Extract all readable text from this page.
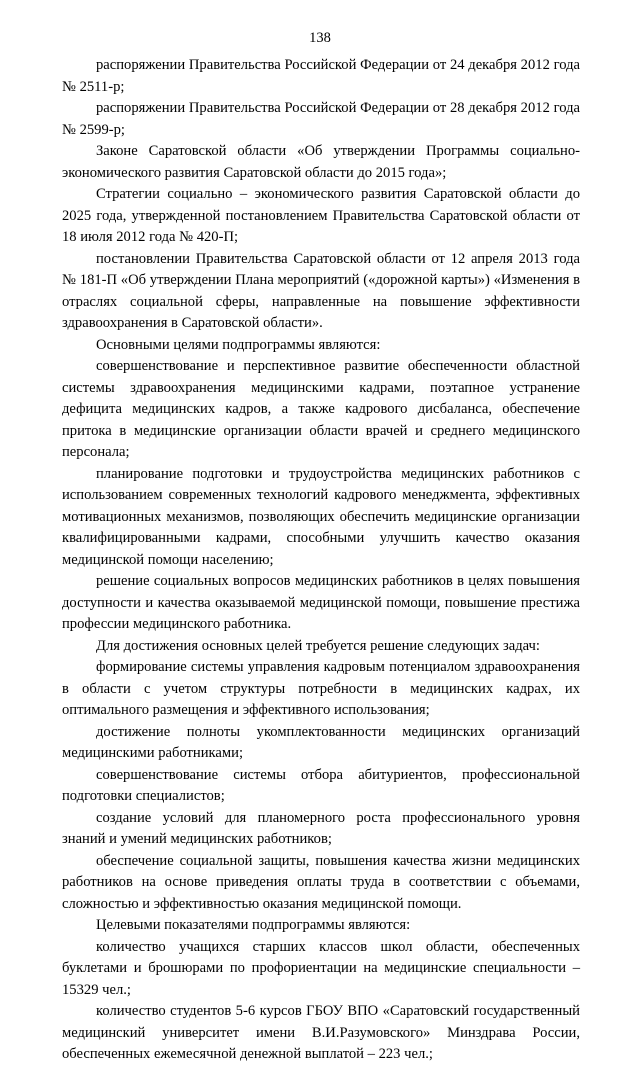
138

распоряжении Правительства Российской Федерации от 24 декабря 2012 года № 2511-р;

распоряжении Правительства Российской Федерации от 28 декабря 2012 года № 2599-р;

Законе Саратовской области «Об утверждении Программы социально-экономического развития Саратовской области до 2015 года»;

Стратегии социально – экономического развития Саратовской области до 2025 года, утвержденной постановлением Правительства Саратовской области от 18 июля 2012 года № 420-П;

постановлении Правительства Саратовской области от 12 апреля 2013 года № 181-П «Об утверждении Плана мероприятий («дорожной карты») «Изменения в отраслях социальной сферы, направленные на повышение эффективности здравоохранения в Саратовской области».

Основными целями подпрограммы являются:

совершенствование и перспективное развитие обеспеченности областной системы здравоохранения медицинскими кадрами, поэтапное устранение дефицита медицинских кадров, а также кадрового дисбаланса, обеспечение притока в медицинские организации области врачей и среднего медицинского персонала;

планирование подготовки и трудоустройства медицинских работников с использованием современных технологий кадрового менеджмента, эффективных мотивационных механизмов, позволяющих обеспечить медицинские организации квалифицированными кадрами, способными улучшить качество оказания медицинской помощи населению;

решение социальных вопросов медицинских работников в целях повышения доступности и качества оказываемой медицинской помощи, повышение престижа профессии медицинского работника.

Для достижения основных целей требуется решение следующих задач:

формирование системы управления кадровым потенциалом здравоохранения в области с учетом структуры потребности в медицинских кадрах, их оптимального размещения и эффективного использования;

достижение полноты укомплектованности медицинских организаций медицинскими работниками;

совершенствование системы отбора абитуриентов, профессиональной подготовки специалистов;

создание условий для планомерного роста профессионального уровня знаний и умений медицинских работников;

обеспечение социальной защиты, повышения качества жизни медицинских работников на основе приведения оплаты труда в соответствии с объемами, сложностью и эффективностью оказания медицинской помощи.

Целевыми показателями подпрограммы являются:

количество учащихся старших классов школ области, обеспеченных буклетами и брошюрами по профориентации на медицинские специальности – 15329 чел.;

количество студентов 5-6 курсов ГБОУ ВПО «Саратовский государственный медицинский университет имени В.И.Разумовского» Минздрава России, обеспеченных ежемесячной денежной выплатой – 223 чел.;
